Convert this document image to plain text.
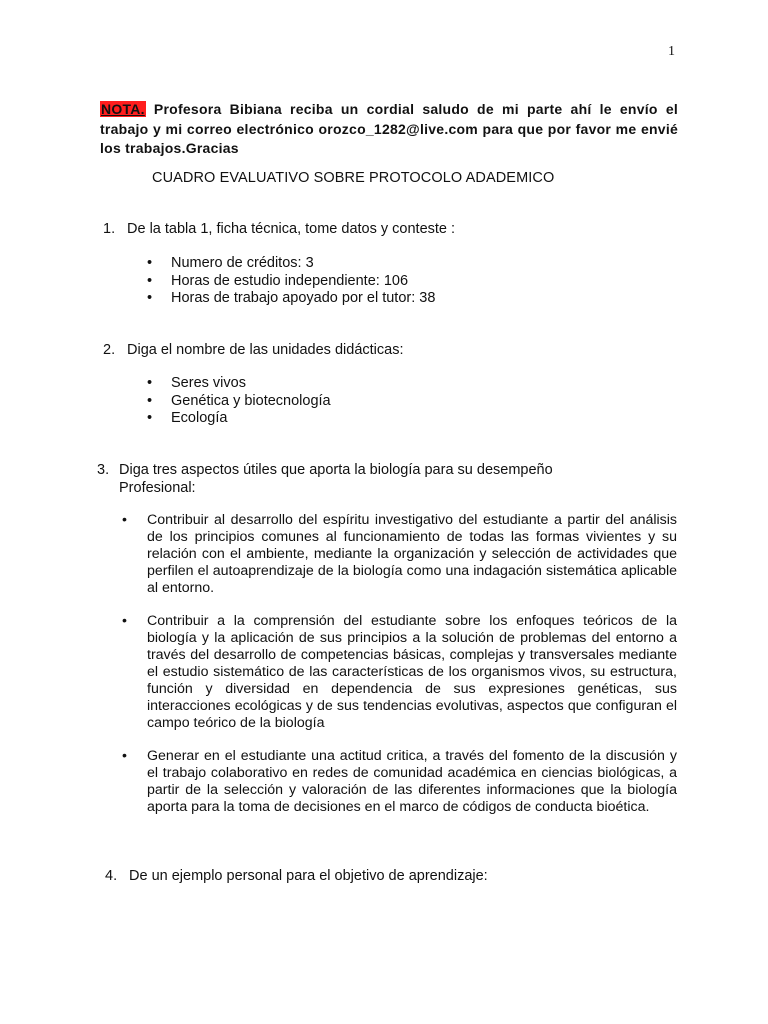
1
NOTA. Profesora Bibiana reciba un cordial saludo de mi parte ahí le envío el trabajo y mi correo electrónico orozco_1282@live.com para que por favor me envié los trabajos.Gracias
CUADRO EVALUATIVO SOBRE PROTOCOLO ADADEMICO
1. De la tabla 1, ficha técnica, tome datos y conteste :
• Numero de créditos: 3
• Horas de estudio independiente: 106
• Horas de trabajo apoyado por el tutor: 38
2. Diga el nombre de las unidades didácticas:
• Seres vivos
• Genética y biotecnología
• Ecología
3. Diga tres aspectos útiles que aporta la biología para su desempeño
Profesional:
• Contribuir al desarrollo del espíritu investigativo del estudiante a partir del análisis de los principios comunes al funcionamiento de todas las formas vivientes y su relación con el ambiente, mediante la organización y selección de actividades que perfilen el autoaprendizaje de la biología como una indagación sistemática aplicable al entorno.
• Contribuir a la comprensión del estudiante sobre los enfoques teóricos de la biología y la aplicación de sus principios a la solución de problemas del entorno a través del desarrollo de competencias básicas, complejas y transversales mediante el estudio sistemático de las características de los organismos vivos, su estructura, función y diversidad en dependencia de sus expresiones genéticas, sus interacciones ecológicas y de sus tendencias evolutivas, aspectos que configuran el campo teórico de la biología
• Generar en el estudiante una actitud critica, a través del fomento de la discusión y el trabajo colaborativo en redes de comunidad académica en ciencias biológicas, a partir de la selección y valoración de las diferentes informaciones que la biología aporta para la toma de decisiones en el marco de códigos de conducta bioética.
4. De un ejemplo personal para el objetivo de aprendizaje:
